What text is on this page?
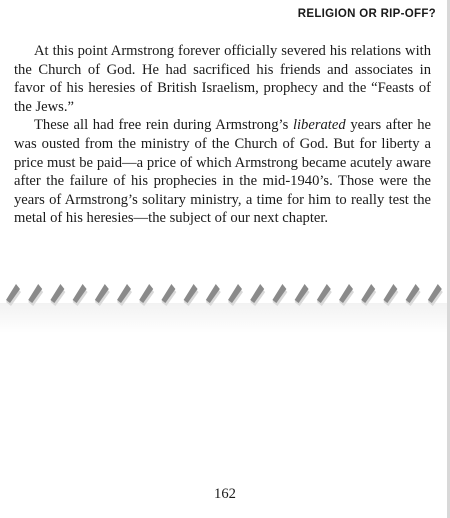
RELIGION OR RIP-OFF?

At this point Armstrong forever officially severed his relations with the Church of God. He had sacrificed his friends and associates in favor of his heresies of British Israelism, prophecy and the “Feasts of the Jews.”

These all had free rein during Armstrong’s liberated years after he was ousted from the ministry of the Church of God. But for liberty a price must be paid—a price of which Armstrong became acutely aware after the failure of his prophecies in the mid-1940’s. Those were the years of Armstrong’s solitary ministry, a time for him to really test the metal of his heresies—the subject of our next chapter.

162
